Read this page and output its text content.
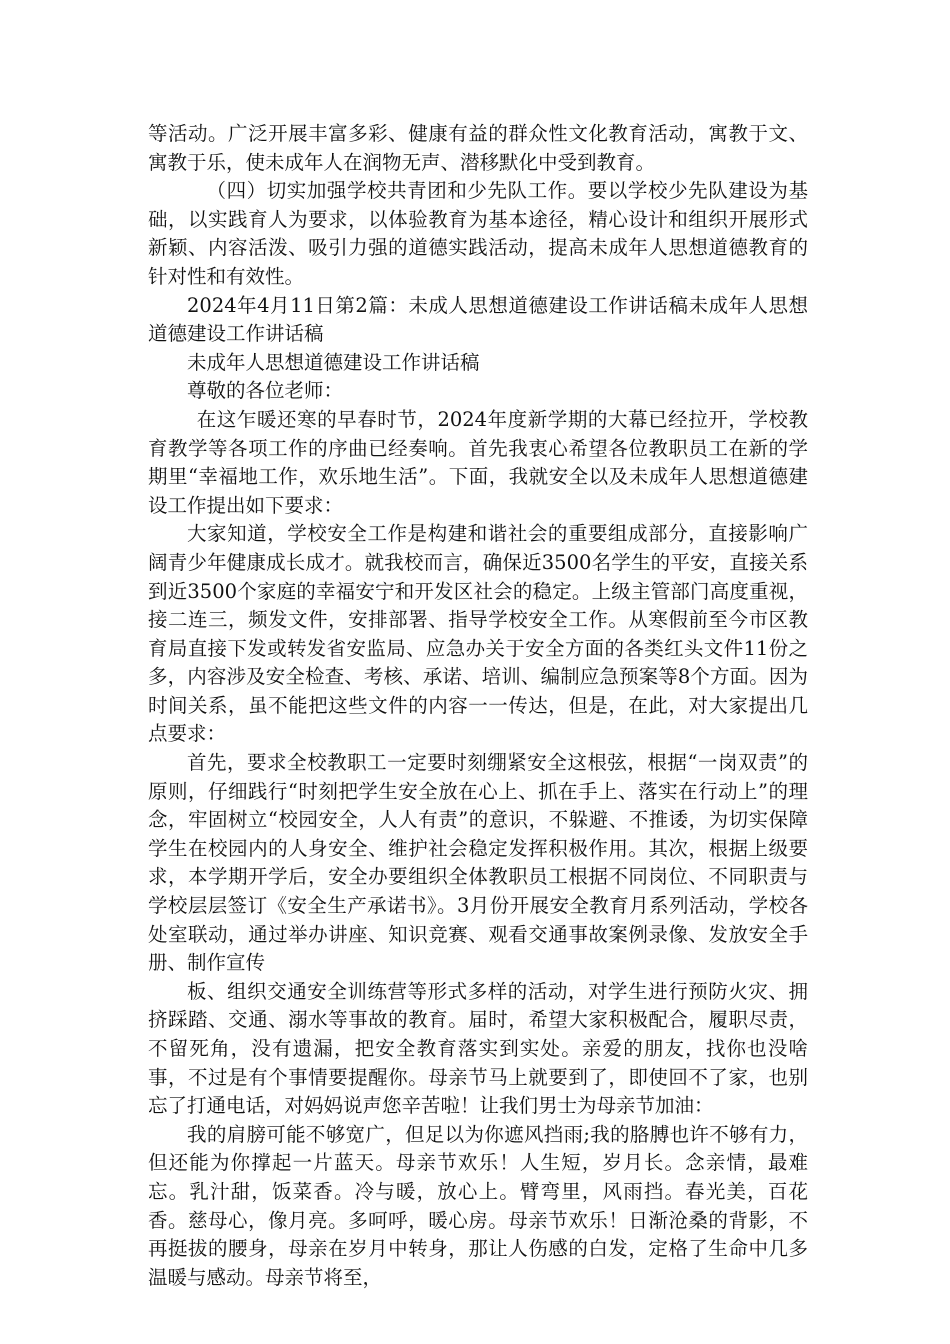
等活动。广泛开展丰富多彩、健康有益的群众性文化教育活动，寓教于文、寓教于乐，使未成年人在润物无声、潜移默化中受到教育。

（四）切实加强学校共青团和少先队工作。要以学校少先队建设为基础，以实践育人为要求，以体验教育为基本途径，精心设计和组织开展形式新颖、内容活泼、吸引力强的道德实践活动，提高未成年人思想道德教育的针对性和有效性。

2024年4月11日第2篇：未成人思想道德建设工作讲话稿未成年人思想道德建设工作讲话稿

未成年人思想道德建设工作讲话稿

尊敬的各位老师：

在这乍暖还寒的早春时节，2024年度新学期的大幕已经拉开，学校教育教学等各项工作的序曲已经奏响。首先我衷心希望各位教职员工在新的学期里“幸福地工作，欢乐地生活”。下面，我就安全以及未成年人思想道德建设工作提出如下要求：

大家知道，学校安全工作是构建和谐社会的重要组成部分，直接影响广阔青少年健康成长成才。就我校而言，确保近3500名学生的平安，直接关系到近3500个家庭的幸福安宁和开发区社会的稳定。上级主管部门高度重视，接二连三，频发文件，安排部署、指导学校安全工作。从寒假前至今市区教育局直接下发或转发省安监局、应急办关于安全方面的各类红头文件11份之多，内容涉及安全检查、考核、承诺、培训、编制应急预案等8个方面。因为时间关系，虽不能把这些文件的内容一一传达，但是，在此，对大家提出几点要求：

首先，要求全校教职工一定要时刻绷紧安全这根弦，根据“一岗双责”的原则，仔细践行“时刻把学生安全放在心上、抓在手上、落实在行动上”的理念，牢固树立“校园安全，人人有责”的意识，不躲避、不推诿，为切实保障学生在校园内的人身安全、维护社会稳定发挥积极作用。其次，根据上级要求，本学期开学后，安全办要组织全体教职员工根据不同岗位、不同职责与学校层层签订《安全生产承诺书》。3月份开展安全教育月系列活动，学校各处室联动，通过举办讲座、知识竞赛、观看交通事故案例录像、发放安全手册、制作宣传

板、组织交通安全训练营等形式多样的活动，对学生进行预防火灾、拥挤踩踏、交通、溺水等事故的教育。届时，希望大家积极配合，履职尽责，不留死角，没有遗漏，把安全教育落实到实处。亲爱的朋友，找你也没啥事，不过是有个事情要提醒你。母亲节马上就要到了，即使回不了家，也别忘了打通电话，对妈妈说声您辛苦啦！让我们男士为母亲节加油：

我的肩膀可能不够宽广，但足以为你遮风挡雨;我的胳膊也许不够有力，但还能为你撑起一片蓝天。母亲节欢乐！人生短，岁月长。念亲情，最难忘。乳汁甜，饭菜香。冷与暖，放心上。臂弯里，风雨挡。春光美，百花香。慈母心，像月亮。多呵呼，暖心房。母亲节欢乐！日渐沧桑的背影，不再挺拔的腰身，母亲在岁月中转身，那让人伤感的白发，定格了生命中几多温暖与感动。母亲节将至，
